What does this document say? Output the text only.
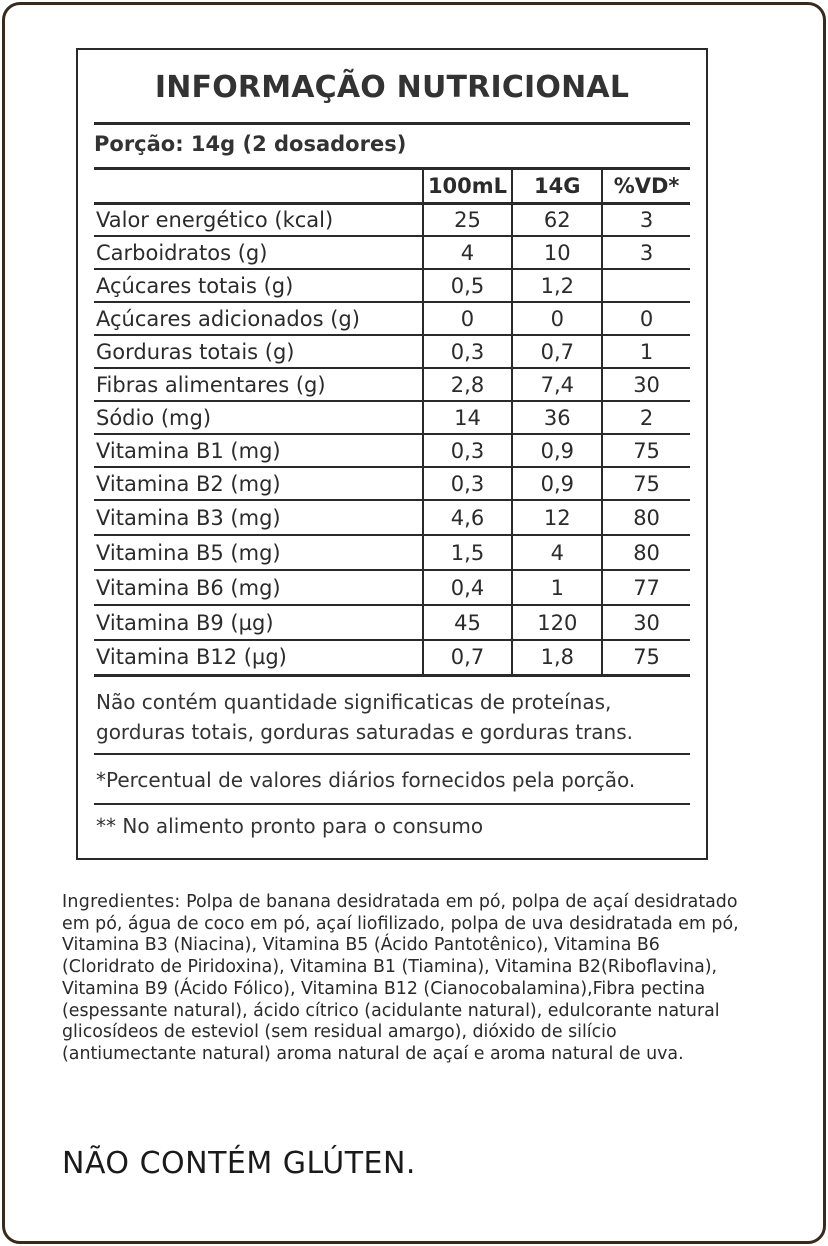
INFORMAÇÃO NUTRICIONAL
Porção: 14g (2 dosadores)
	100mL	14G	%VD*
Valor energético (kcal)	25	62	3
Carboidratos (g)	4	10	3
Açúcares totais (g)	0,5	1,2	
Açúcares adicionados (g)	0	0	0
Gorduras totais (g)	0,3	0,7	1
Fibras alimentares (g)	2,8	7,4	30
Sódio (mg)	14	36	2
Vitamina B1 (mg)	0,3	0,9	75
Vitamina B2 (mg)	0,3	0,9	75
Vitamina B3 (mg)	4,6	12	80
Vitamina B5 (mg)	1,5	4	80
Vitamina B6 (mg)	0,4	1	77
Vitamina B9 (µg)	45	120	30
Vitamina B12 (µg)	0,7	1,8	75
Não contém quantidade significaticas de proteínas, gorduras totais, gorduras saturadas e gorduras trans.
*Percentual de valores diários fornecidos pela porção.
** No alimento pronto para o consumo
Ingredientes: Polpa de banana desidratada em pó, polpa de açaí desidratado em pó, água de coco em pó, açaí liofilizado, polpa de uva desidratada em pó, Vitamina B3 (Niacina), Vitamina B5 (Ácido Pantotênico), Vitamina B6 (Cloridrato de Piridoxina), Vitamina B1 (Tiamina), Vitamina B2(Riboflavina), Vitamina B9 (Ácido Fólico), Vitamina B12 (Cianocobalamina),Fibra pectina (espessante natural), ácido cítrico (acidulante natural), edulcorante natural glicosídeos de esteviol (sem residual amargo), dióxido de silício (antiumectante natural) aroma natural de açaí e aroma natural de uva.
NÃO CONTÉM GLÚTEN.
